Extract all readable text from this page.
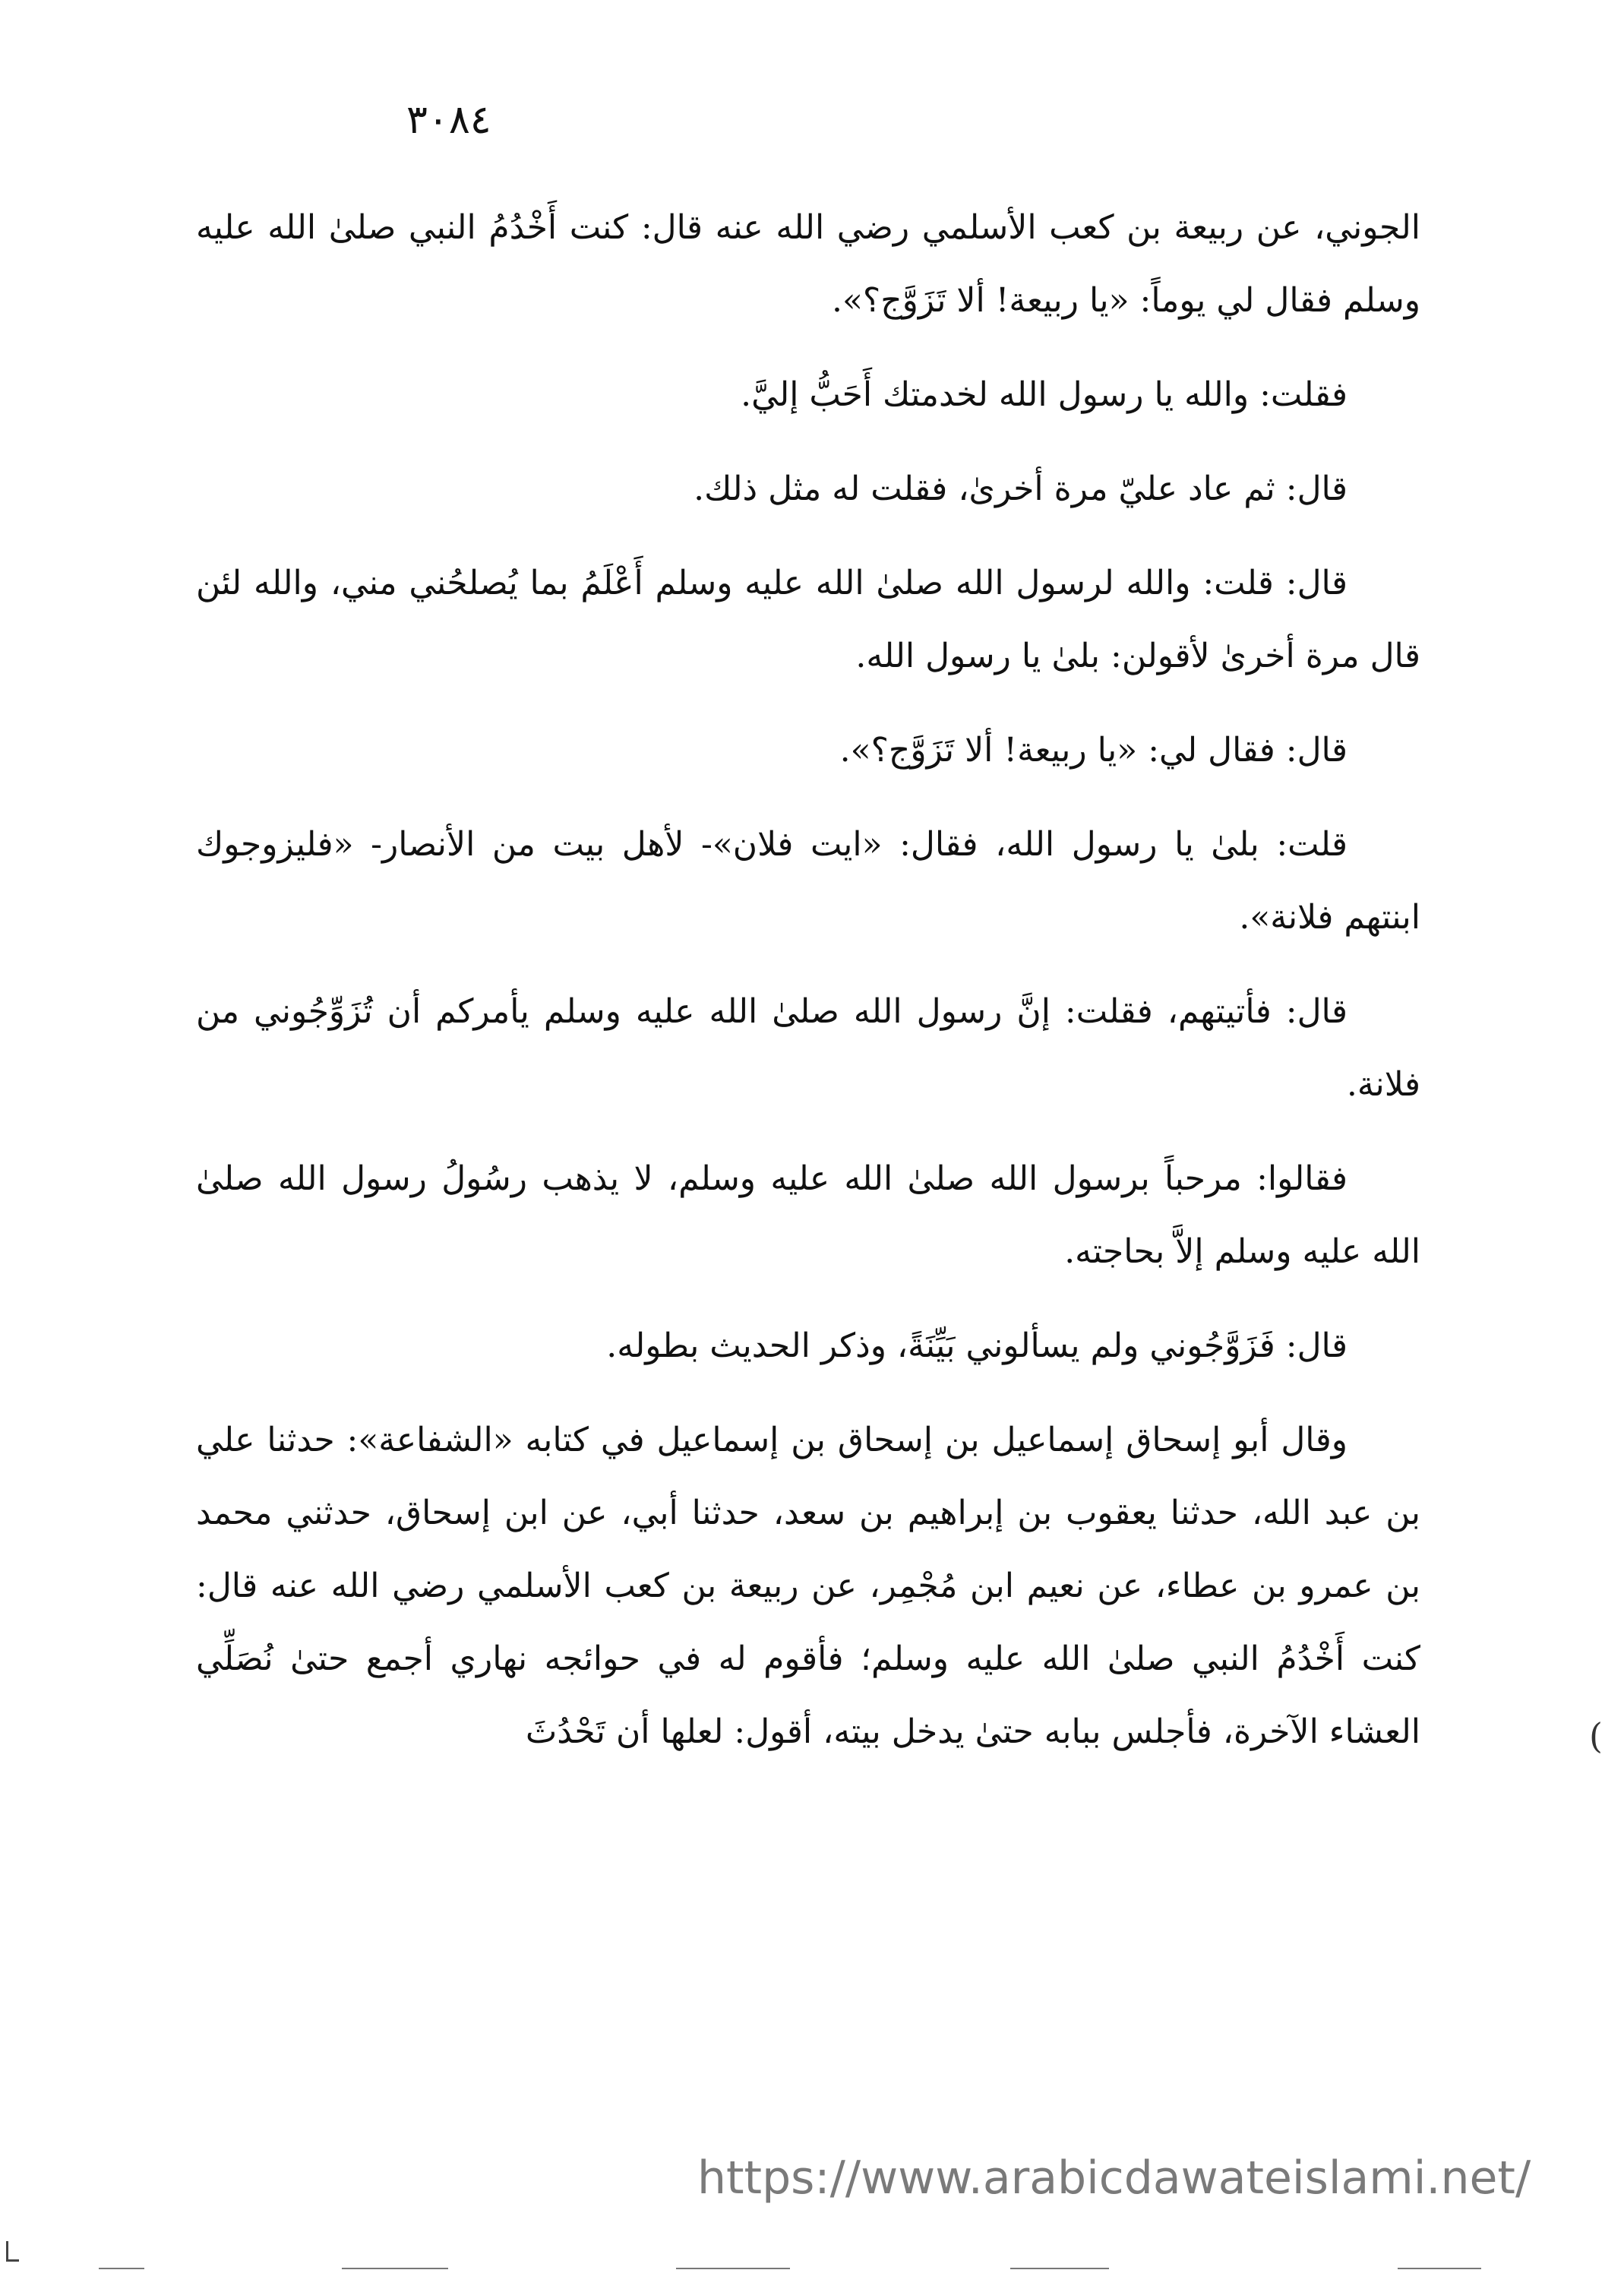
٣٠٨٤

الجوني، عن ربيعة بن كعب الأسلمي رضي الله عنه قال: كنت أَخْدُمُ النبي صلىٰ الله عليه وسلم فقال لي يوماً: «يا ربيعة! ألا تَزَوَّج؟».

فقلت: والله يا رسول الله لخدمتك أَحَبُّ إليَّ.

قال: ثم عاد عليّ مرة أخرىٰ، فقلت له مثل ذلك.

قال: قلت: والله لرسول الله صلىٰ الله عليه وسلم أَعْلَمُ بما يُصلحُني مني، والله لئن قال مرة أخرىٰ لأقولن: بلىٰ يا رسول الله.

قال: فقال لي: «يا ربيعة! ألا تَزَوَّج؟».

قلت: بلىٰ يا رسول الله، فقال: «ايت فلان»- لأهل بيت من الأنصار- «فليزوجوك ابنتهم فلانة».

قال: فأتيتهم، فقلت: إنَّ رسول الله صلىٰ الله عليه وسلم يأمركم أن تُزَوِّجُوني من فلانة.

فقالوا: مرحباً برسول الله صلىٰ الله عليه وسلم، لا يذهب رسُولُ رسول الله صلىٰ الله عليه وسلم إلاَّ بحاجته.

قال: فَزَوَّجُوني ولم يسألوني بَيِّنَةً، وذكر الحديث بطوله.

وقال أبو إسحاق إسماعيل بن إسحاق بن إسماعيل في كتابه «الشفاعة»: حدثنا علي بن عبد الله، حدثنا يعقوب بن إبراهيم بن سعد، حدثنا أبي، عن ابن إسحاق، حدثني محمد بن عمرو بن عطاء، عن نعيم ابن مُجْمِر، عن ربيعة بن كعب الأسلمي رضي الله عنه قال: كنت أَخْدُمُ النبي صلىٰ الله عليه وسلم؛ فأقوم له في حوائجه نهاري أجمع حتىٰ نُصَلِّي العشاء الآخرة، فأجلس ببابه حتىٰ يدخل بيته، أقول: لعلها أن تَحْدُثَ	(
https://www.arabicdawateislami.net/
